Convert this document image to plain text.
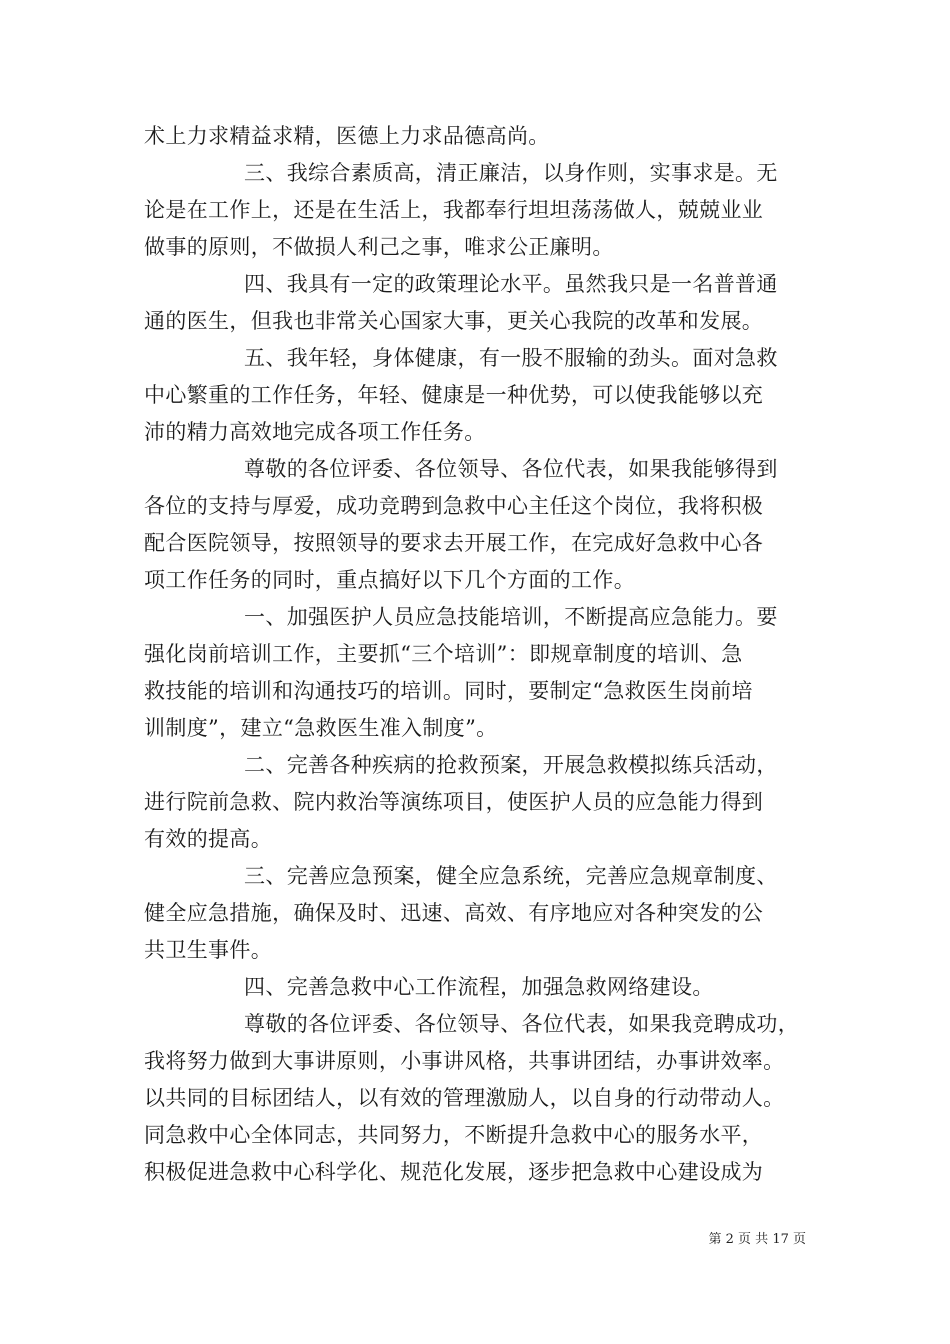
术上力求精益求精，医德上力求品德高尚。
三、我综合素质高，清正廉洁，以身作则，实事求是。无
论是在工作上，还是在生活上，我都奉行坦坦荡荡做人，兢兢业业
做事的原则，不做损人利己之事，唯求公正廉明。
四、我具有一定的政策理论水平。虽然我只是一名普普通
通的医生，但我也非常关心国家大事，更关心我院的改革和发展。
五、我年轻，身体健康，有一股不服输的劲头。面对急救
中心繁重的工作任务，年轻、健康是一种优势，可以使我能够以充
沛的精力高效地完成各项工作任务。
尊敬的各位评委、各位领导、各位代表，如果我能够得到
各位的支持与厚爱，成功竞聘到急救中心主任这个岗位，我将积极
配合医院领导，按照领导的要求去开展工作，在完成好急救中心各
项工作任务的同时，重点搞好以下几个方面的工作。
一、加强医护人员应急技能培训，不断提高应急能力。要
强化岗前培训工作，主要抓“三个培训”：即规章制度的培训、急
救技能的培训和沟通技巧的培训。同时，要制定“急救医生岗前培
训制度”，建立“急救医生准入制度”。
二、完善各种疾病的抢救预案，开展急救模拟练兵活动，
进行院前急救、院内救治等演练项目，使医护人员的应急能力得到
有效的提高。
三、完善应急预案，健全应急系统，完善应急规章制度、
健全应急措施，确保及时、迅速、高效、有序地应对各种突发的公
共卫生事件。
四、完善急救中心工作流程，加强急救网络建设。
尊敬的各位评委、各位领导、各位代表，如果我竞聘成功，
我将努力做到大事讲原则，小事讲风格，共事讲团结，办事讲效率。
以共同的目标团结人，以有效的管理激励人，以自身的行动带动人。
同急救中心全体同志，共同努力，不断提升急救中心的服务水平，
积极促进急救中心科学化、规范化发展，逐步把急救中心建设成为
第 2 页 共 17 页
